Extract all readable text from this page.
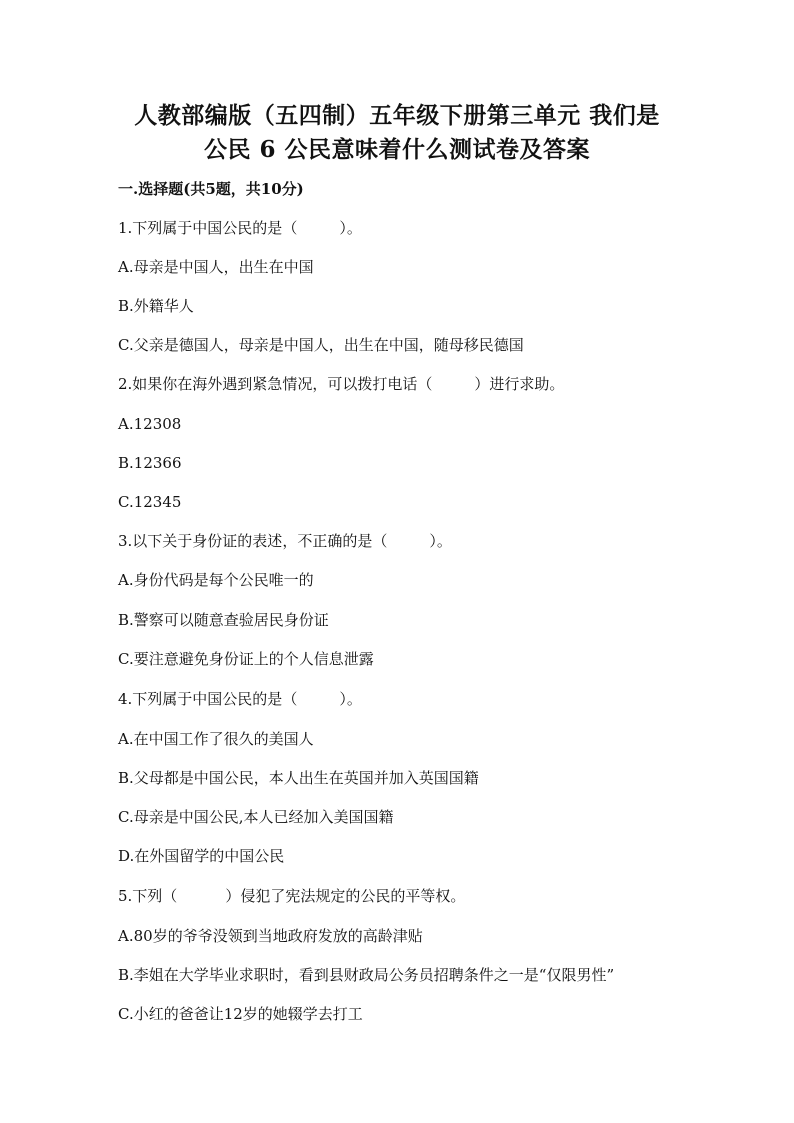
人教部编版（五四制）五年级下册第三单元 我们是
公民 6 公民意味着什么测试卷及答案
一.选择题(共5题，共10分)
1.下列属于中国公民的是（	）。
A.母亲是中国人，出生在中国
B.外籍华人
C.父亲是德国人，母亲是中国人，出生在中国，随母移民德国
2.如果你在海外遇到紧急情况，可以拨打电话（	）进行求助。
A.12308
B.12366
C.12345
3.以下关于身份证的表述，不正确的是（	）。
A.身份代码是每个公民唯一的
B.警察可以随意查验居民身份证
C.要注意避免身份证上的个人信息泄露
4.下列属于中国公民的是（	）。
A.在中国工作了很久的美国人
B.父母都是中国公民，本人出生在英国并加入英国国籍
C.母亲是中国公民,本人已经加入美国国籍
D.在外国留学的中国公民
5.下列（	）侵犯了宪法规定的公民的平等权。
A.80岁的爷爷没领到当地政府发放的高龄津贴
B.李姐在大学毕业求职时，看到县财政局公务员招聘条件之一是“仅限男性”
C.小红的爸爸让12岁的她辍学去打工
